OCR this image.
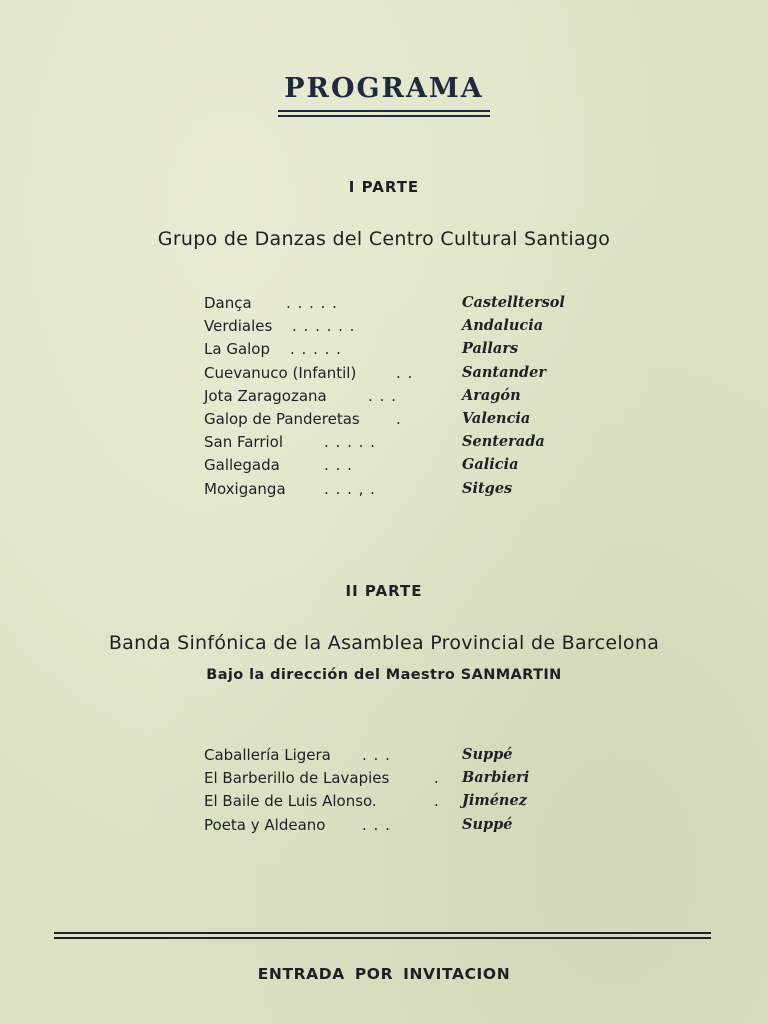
PROGRAMA
I PARTE
Grupo de Danzas del Centro Cultural Santiago
Dança . . . . .	Castelltersol
Verdiales . . . . . .	Andalucia
La Galop . . . . .	Pallars
Cuevanuco (Infantil)	. .	Santander
Jota Zaragozana	. . .	Aragón
Galop de Panderetas .	Valencia
San Farriol	. . . . .	Senterada
Gallegada	. . .	Galicia
Moxiganga	. . . , .	Sitges
II PARTE
Banda Sinfónica de la Asamblea Provincial de Barcelona
Bajo la dirección del Maestro SANMARTIN
Caballería Ligera . . .	Suppé
El Barberillo de Lavapies	. Barbieri
El Baile de Luis Alonso.	. Jiménez
Poeta y Aldeano . . .	Suppé
ENTRADA POR INVITACION
